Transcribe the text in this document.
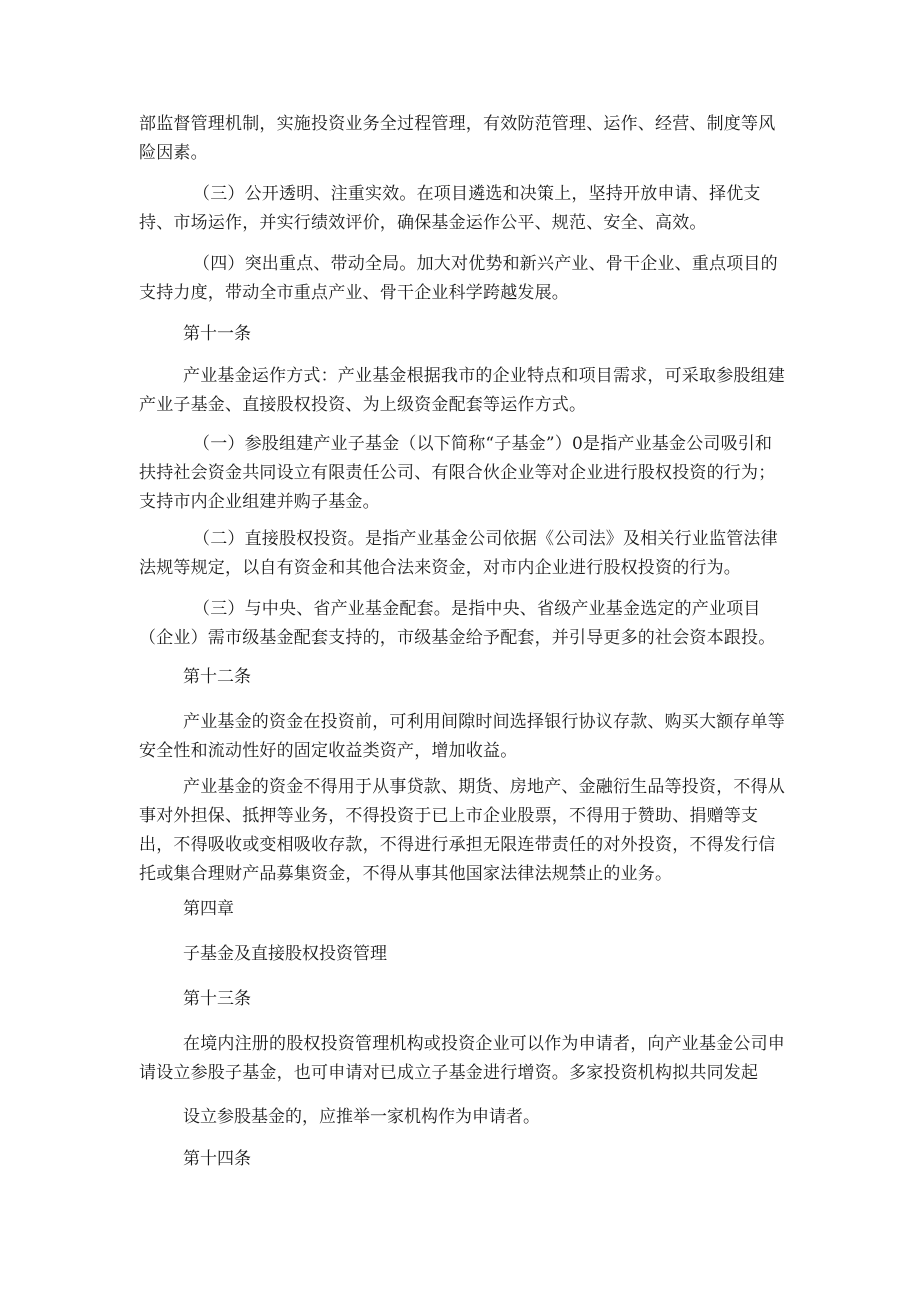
部监督管理机制，实施投资业务全过程管理，有效防范管理、运作、经营、制度等风险因素。

（三）公开透明、注重实效。在项目遴选和决策上，坚持开放申请、择优支持、市场运作，并实行绩效评价，确保基金运作公平、规范、安全、高效。

（四）突出重点、带动全局。加大对优势和新兴产业、骨干企业、重点项目的支持力度，带动全市重点产业、骨干企业科学跨越发展。

第十一条

产业基金运作方式：产业基金根据我市的企业特点和项目需求，可采取参股组建产业子基金、直接股权投资、为上级资金配套等运作方式。

（一）参股组建产业子基金（以下简称“子基金”）0是指产业基金公司吸引和扶持社会资金共同设立有限责任公司、有限合伙企业等对企业进行股权投资的行为；支持市内企业组建并购子基金。

（二）直接股权投资。是指产业基金公司依据《公司法》及相关行业监管法律法规等规定，以自有资金和其他合法来资金，对市内企业进行股权投资的行为。

（三）与中央、省产业基金配套。是指中央、省级产业基金选定的产业项目（企业）需市级基金配套支持的，市级基金给予配套，并引导更多的社会资本跟投。

第十二条

产业基金的资金在投资前，可利用间隙时间选择银行协议存款、购买大额存单等安全性和流动性好的固定收益类资产，增加收益。

产业基金的资金不得用于从事贷款、期货、房地产、金融衍生品等投资，不得从事对外担保、抵押等业务，不得投资于已上市企业股票，不得用于赞助、捐赠等支出，不得吸收或变相吸收存款，不得进行承担无限连带责任的对外投资，不得发行信托或集合理财产品募集资金，不得从事其他国家法律法规禁止的业务。

第四章

子基金及直接股权投资管理

第十三条

在境内注册的股权投资管理机构或投资企业可以作为申请者，向产业基金公司申请设立参股子基金，也可申请对已成立子基金进行增资。多家投资机构拟共同发起

设立参股基金的，应推举一家机构作为申请者。

第十四条
